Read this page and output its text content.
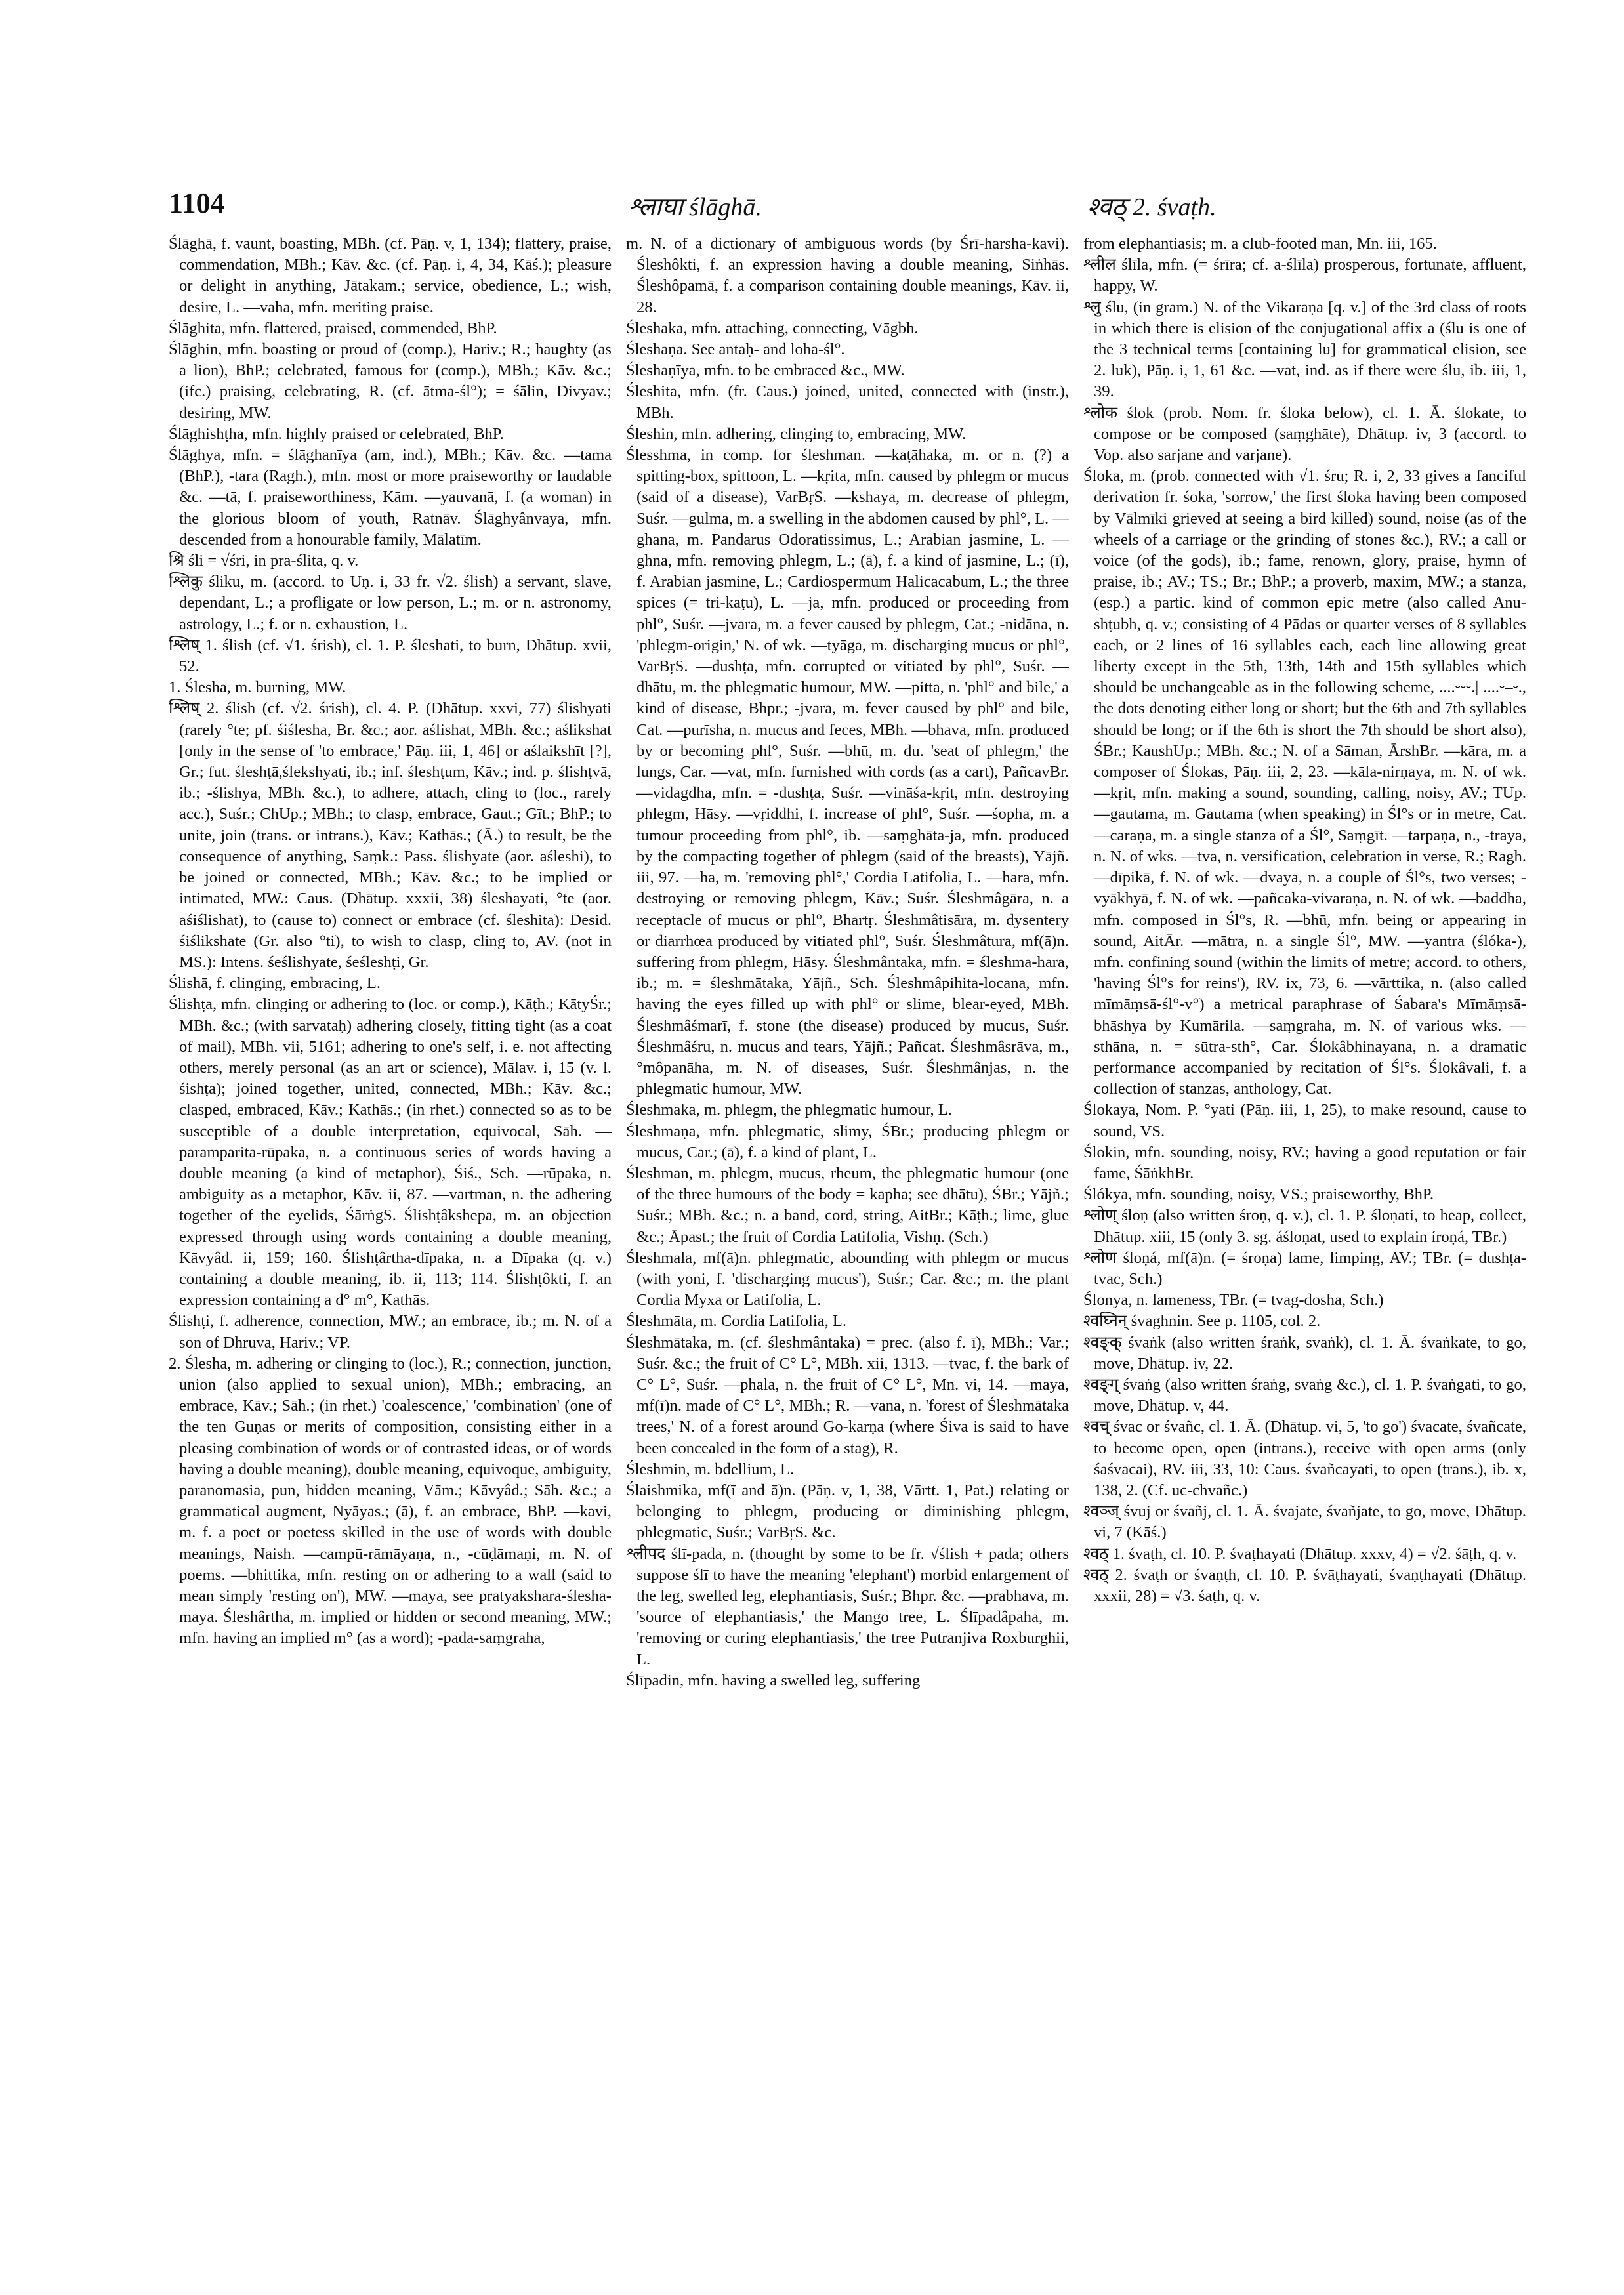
1104	श्लाघा ślāghā.	श्वठ् 2. śvaṭh.

Ślāghā, f. vaunt, boasting, MBh. (cf. Pāṇ. v, 1, 134); flattery, praise, commendation, MBh.; Kāv. &c. (cf. Pāṇ. i, 4, 34, Kāś.); pleasure or delight in anything, Jātakam.; service, obedience, L.; wish, desire, L. —vaha, mfn. meriting praise.

Ślāghita, mfn. flattered, praised, commended, BhP.

Ślāghin, mfn. boasting or proud of (comp.), Hariv.; R.; haughty (as a lion), BhP.; celebrated, famous for (comp.), MBh.; Kāv. &c.; (ifc.) praising, celebrating, R. (cf. ātma-śl°); = śālin, Divyav.; desiring, MW.

Ślāghishṭha, mfn. highly praised or celebrated, BhP.

Ślāghya, mfn. = ślāghanīya (am, ind.), MBh.; Kāv. &c. —tama (BhP.), -tara (Ragh.), mfn. most or more praiseworthy or laudable &c. —tā, f. praiseworthiness, Kām. —yauvanā, f. (a woman) in the glorious bloom of youth, Ratnāv. Ślāghyânvaya, mfn. descended from a honourable family, Mālatīm.

श्रि śli = √śri, in pra-ślita, q. v.

श्लिकु śliku, m. (accord. to Uṇ. i, 33 fr. √2. ślish) a servant, slave, dependant, L.; a profligate or low person, L.; m. or n. astronomy, astrology, L.; f. or n. exhaustion, L.

श्लिष् 1. ślish (cf. √1. śrish), cl. 1. P. śleshati, to burn, Dhātup. xvii, 52.

1. Ślesha, m. burning, MW.

श्लिष् 2. ślish (cf. √2. śrish), cl. 4. P. (Dhātup. xxvi, 77) ślishyati (rarely °te; pf. śiślesha, Br. &c.; aor. aślishat, MBh. &c.; aślikshat [only in the sense of 'to embrace,' Pāṇ. iii, 1, 46] or aślaikshīt [?], Gr.; fut. śleshṭā,ślekshyati, ib.; inf. śleshṭum, Kāv.; ind. p. ślishṭvā, ib.; -ślishya, MBh. &c.), to adhere, attach, cling to (loc., rarely acc.), Suśr.; ChUp.; MBh.; to clasp, embrace, Gaut.; Gīt.; BhP.; to unite, join (trans. or intrans.), Kāv.; Kathās.; (Ā.) to result, be the consequence of anything, Saṃk.: Pass. ślishyate (aor. aśleshi), to be joined or connected, MBh.; Kāv. &c.; to be implied or intimated, MW.: Caus. (Dhātup. xxxii, 38) śleshayati, °te (aor. aśiślishat), to (cause to) connect or embrace (cf. śleshita): Desid. śiślikshate (Gr. also °ti), to wish to clasp, cling to, AV. (not in MS.): Intens. śeślishyate, śeśleshṭi, Gr.

Ślishā, f. clinging, embracing, L.

Ślishṭa, mfn. clinging or adhering to (loc. or comp.), Kāṭh.; KātyŚr.; MBh. &c.; (with sarvataḥ) adhering closely, fitting tight (as a coat of mail), MBh. vii, 5161; adhering to one's self, i. e. not affecting others, merely personal (as an art or science), Mālav. i, 15 (v. l. śishṭa); joined together, united, connected, MBh.; Kāv. &c.; clasped, embraced, Kāv.; Kathās.; (in rhet.) connected so as to be susceptible of a double interpretation, equivocal, Sāh. —paramparita-rūpaka, n. a continuous series of words having a double meaning (a kind of metaphor), Śiś., Sch. —rūpaka, n. ambiguity as a metaphor, Kāv. ii, 87. —vartman, n. the adhering together of the eyelids, ŚārṅgS. Ślishṭâkshepa, m. an objection expressed through using words containing a double meaning, Kāvyâd. ii, 159; 160. Ślishṭârtha-dīpaka, n. a Dīpaka (q. v.) containing a double meaning, ib. ii, 113; 114. Ślishṭôkti, f. an expression containing a d° m°, Kathās.

Ślishṭi, f. adherence, connection, MW.; an embrace, ib.; m. N. of a son of Dhruva, Hariv.; VP.

2. Ślesha, m. adhering or clinging to (loc.), R.; connection, junction, union (also applied to sexual union), MBh.; embracing, an embrace, Kāv.; Sāh.; (in rhet.) 'coalescence,' 'combination' (one of the ten Guṇas or merits of composition, consisting either in a pleasing combination of words or of contrasted ideas, or of words having a double meaning), double meaning, equivoque, ambiguity, paranomasia, pun, hidden meaning, Vām.; Kāvyâd.; Sāh. &c.; a grammatical augment, Nyāyas.; (ā), f. an embrace, BhP. —kavi, m. f. a poet or poetess skilled in the use of words with double meanings, Naish. —campū-rāmāyaṇa, n., -cūḍāmaṇi, m. N. of poems. —bhittika, mfn. resting on or adhering to a wall (said to mean simply 'resting on'), MW. —maya, see pratyakshara-ślesha-maya. Śleshârtha, m. implied or hidden or second meaning, MW.; mfn. having an implied m° (as a word); -pada-saṃgraha,

m. N. of a dictionary of ambiguous words (by Śrī-harsha-kavi). Śleshôkti, f. an expression having a double meaning, Siṅhās. Śleshôpamā, f. a comparison containing double meanings, Kāv. ii, 28.

Śleshaka, mfn. attaching, connecting, Vāgbh.

Śleshaṇa. See antaḥ- and loha-śl°.

Śleshaṇīya, mfn. to be embraced &c., MW.

Śleshita, mfn. (fr. Caus.) joined, united, connected with (instr.), MBh.

Śleshin, mfn. adhering, clinging to, embracing, MW.

Ślesshma, in comp. for śleshman. —kaṭāhaka, m. or n. (?) a spitting-box, spittoon, L. —kṛita, mfn. caused by phlegm or mucus (said of a disease), VarBṛS. —kshaya, m. decrease of phlegm, Suśr. —gulma, m. a swelling in the abdomen caused by phl°, L. —ghana, m. Pandarus Odoratissimus, L.; Arabian jasmine, L. —ghna, mfn. removing phlegm, L.; (ā), f. a kind of jasmine, L.; (ī), f. Arabian jasmine, L.; Cardiospermum Halicacabum, L.; the three spices (= tri-kaṭu), L. —ja, mfn. produced or proceeding from phl°, Suśr. —jvara, m. a fever caused by phlegm, Cat.; -nidāna, n. 'phlegm-origin,' N. of wk. —tyāga, m. discharging mucus or phl°, VarBṛS. —dushṭa, mfn. corrupted or vitiated by phl°, Suśr. —dhātu, m. the phlegmatic humour, MW. —pitta, n. 'phl° and bile,' a kind of disease, Bhpr.; -jvara, m. fever caused by phl° and bile, Cat. —purīsha, n. mucus and feces, MBh. —bhava, mfn. produced by or becoming phl°, Suśr. —bhū, m. du. 'seat of phlegm,' the lungs, Car. —vat, mfn. furnished with cords (as a cart), PañcavBr. —vidagdha, mfn. = -dushṭa, Suśr. —vināśa-kṛit, mfn. destroying phlegm, Hāsy. —vṛiddhi, f. increase of phl°, Suśr. —śopha, m. a tumour proceeding from phl°, ib. —saṃghāta-ja, mfn. produced by the compacting together of phlegm (said of the breasts), Yājñ. iii, 97. —ha, m. 'removing phl°,' Cordia Latifolia, L. —hara, mfn. destroying or removing phlegm, Kāv.; Suśr. Śleshmâgāra, n. a receptacle of mucus or phl°, Bhartṛ. Śleshmâtisāra, m. dysentery or diarrhœa produced by vitiated phl°, Suśr. Śleshmâtura, mf(ā)n. suffering from phlegm, Hāsy. Śleshmântaka, mfn. = śleshma-hara, ib.; m. = śleshmātaka, Yājñ., Sch. Śleshmâpihita-locana, mfn. having the eyes filled up with phl° or slime, blear-eyed, MBh. Śleshmâśmarī, f. stone (the disease) produced by mucus, Suśr. Śleshmâśru, n. mucus and tears, Yājñ.; Pañcat. Śleshmâsrāva, m., °môpanāha, m. N. of diseases, Suśr. Śleshmânjas, n. the phlegmatic humour, MW.

Śleshmaka, m. phlegm, the phlegmatic humour, L.

Śleshmaṇa, mfn. phlegmatic, slimy, ŚBr.; producing phlegm or mucus, Car.; (ā), f. a kind of plant, L.

Śleshman, m. phlegm, mucus, rheum, the phlegmatic humour (one of the three humours of the body = kapha; see dhātu), ŚBr.; Yājñ.; Suśr.; MBh. &c.; n. a band, cord, string, AitBr.; Kāṭh.; lime, glue &c.; Āpast.; the fruit of Cordia Latifolia, Vishṇ. (Sch.)

Śleshmala, mf(ā)n. phlegmatic, abounding with phlegm or mucus (with yoni, f. 'discharging mucus'), Suśr.; Car. &c.; m. the plant Cordia Myxa or Latifolia, L.

Śleshmāta, m. Cordia Latifolia, L.

Śleshmātaka, m. (cf. śleshmântaka) = prec. (also f. ī), MBh.; Var.; Suśr. &c.; the fruit of C° L°, MBh. xii, 1313. —tvac, f. the bark of C° L°, Suśr. —phala, n. the fruit of C° L°, Mn. vi, 14. —maya, mf(ī)n. made of C° L°, MBh.; R. —vana, n. 'forest of Śleshmātaka trees,' N. of a forest around Go-karṇa (where Śiva is said to have been concealed in the form of a stag), R.

Śleshmin, m. bdellium, L.

Ślaishmika, mf(ī and ā)n. (Pāṇ. v, 1, 38, Vārtt. 1, Pat.) relating or belonging to phlegm, producing or diminishing phlegm, phlegmatic, Suśr.; VarBṛS. &c.

श्लीपद ślī-pada, n. (thought by some to be fr. √ślish + pada; others suppose ślī to have the meaning 'elephant') morbid enlargement of the leg, swelled leg, elephantiasis, Suśr.; Bhpr. &c. —prabhava, m. 'source of elephantiasis,' the Mango tree, L. Ślīpadâpaha, m. 'removing or curing elephantiasis,' the tree Putranjiva Roxburghii, L.

Ślīpadin, mfn. having a swelled leg, suffering

from elephantiasis; m. a club-footed man, Mn. iii, 165.

श्लील ślīla, mfn. (= śrīra; cf. a-ślīla) prosperous, fortunate, affluent, happy, W.

श्लु ślu, (in gram.) N. of the Vikaraṇa [q. v.] of the 3rd class of roots in which there is elision of the conjugational affix a (ślu is one of the 3 technical terms [containing lu] for grammatical elision, see 2. luk), Pāṇ. i, 1, 61 &c. —vat, ind. as if there were ślu, ib. iii, 1, 39.

श्लोक ślok (prob. Nom. fr. śloka below), cl. 1. Ā. ślokate, to compose or be composed (saṃghāte), Dhātup. iv, 3 (accord. to Vop. also sarjane and varjane).

Śloka, m. (prob. connected with √1. śru; R. i, 2, 33 gives a fanciful derivation fr. śoka, 'sorrow,' the first śloka having been composed by Vālmīki grieved at seeing a bird killed) sound, noise (as of the wheels of a carriage or the grinding of stones &c.), RV.; a call or voice (of the gods), ib.; fame, renown, glory, praise, hymn of praise, ib.; AV.; TS.; Br.; BhP.; a proverb, maxim, MW.; a stanza, (esp.) a partic. kind of common epic metre (also called Anu-shṭubh, q. v.; consisting of 4 Pādas or quarter verses of 8 syllables each, or 2 lines of 16 syllables each, each line allowing great liberty except in the 5th, 13th, 14th and 15th syllables which should be unchangeable as in the following scheme, ....⏑⏑⏑.| ....⏑–⏑., the dots denoting either long or short; but the 6th and 7th syllables should be long; or if the 6th is short the 7th should be short also), ŚBr.; KaushUp.; MBh. &c.; N. of a Sāman, ĀrshBr. —kāra, m. a composer of Ślokas, Pāṇ. iii, 2, 23. —kāla-nirṇaya, m. N. of wk. —kṛit, mfn. making a sound, sounding, calling, noisy, AV.; TUp. —gautama, m. Gautama (when speaking) in Śl°s or in metre, Cat. —caraṇa, m. a single stanza of a Śl°, Saṃgīt. —tarpaṇa, n., -traya, n. N. of wks. —tva, n. versification, celebration in verse, R.; Ragh. —dīpikā, f. N. of wk. —dvaya, n. a couple of Śl°s, two verses; -vyākhyā, f. N. of wk. —pañcaka-vivaraṇa, n. N. of wk. —baddha, mfn. composed in Śl°s, R. —bhū, mfn. being or appearing in sound, AitĀr. —mātra, n. a single Śl°, MW. —yantra (ślóka-), mfn. confining sound (within the limits of metre; accord. to others, 'having Śl°s for reins'), RV. ix, 73, 6. —vārttika, n. (also called mīmāṃsā-śl°-v°) a metrical paraphrase of Śabara's Mīmāṃsā-bhāshya by Kumārila. —saṃgraha, m. N. of various wks. —sthāna, n. = sūtra-sth°, Car. Ślokâbhinayana, n. a dramatic performance accompanied by recitation of Śl°s. Ślokâvali, f. a collection of stanzas, anthology, Cat.

Ślokaya, Nom. P. °yati (Pāṇ. iii, 1, 25), to make resound, cause to sound, VS.

Ślokin, mfn. sounding, noisy, RV.; having a good reputation or fair fame, ŚāṅkhBr.

Ślókya, mfn. sounding, noisy, VS.; praiseworthy, BhP.

श्लोण् śloṇ (also written śroṇ, q. v.), cl. 1. P. śloṇati, to heap, collect, Dhātup. xiii, 15 (only 3. sg. áśloṇat, used to explain íroṇá, TBr.)

श्लोण śloṇá, mf(ā)n. (= śroṇa) lame, limping, AV.; TBr. (= dushṭa-tvac, Sch.)

Ślonya, n. lameness, TBr. (= tvag-dosha, Sch.)

श्वघ्निन् śvaghnin. See p. 1105, col. 2.

श्वङ्क् śvaṅk (also written śraṅk, svaṅk), cl. 1. Ā. śvaṅkate, to go, move, Dhātup. iv, 22.

श्वङ्ग् śvaṅg (also written śraṅg, svaṅg &c.), cl. 1. P. śvaṅgati, to go, move, Dhātup. v, 44.

श्वच् śvac or śvañc, cl. 1. Ā. (Dhātup. vi, 5, 'to go') śvacate, śvañcate, to become open, open (intrans.), receive with open arms (only śaśvacai), RV. iii, 33, 10: Caus. śvañcayati, to open (trans.), ib. x, 138, 2. (Cf. uc-chvañc.)

श्वञ्ज् śvuj or śvañj, cl. 1. Ā. śvajate, śvañjate, to go, move, Dhātup. vi, 7 (Kāś.)

श्वठ् 1. śvaṭh, cl. 10. P. śvaṭhayati (Dhātup. xxxv, 4) = √2. śāṭh, q. v.

श्वठ् 2. śvaṭh or śvaṇṭh, cl. 10. P. śvāṭhayati, śvaṇṭhayati (Dhātup. xxxii, 28) = √3. śaṭh, q. v.
